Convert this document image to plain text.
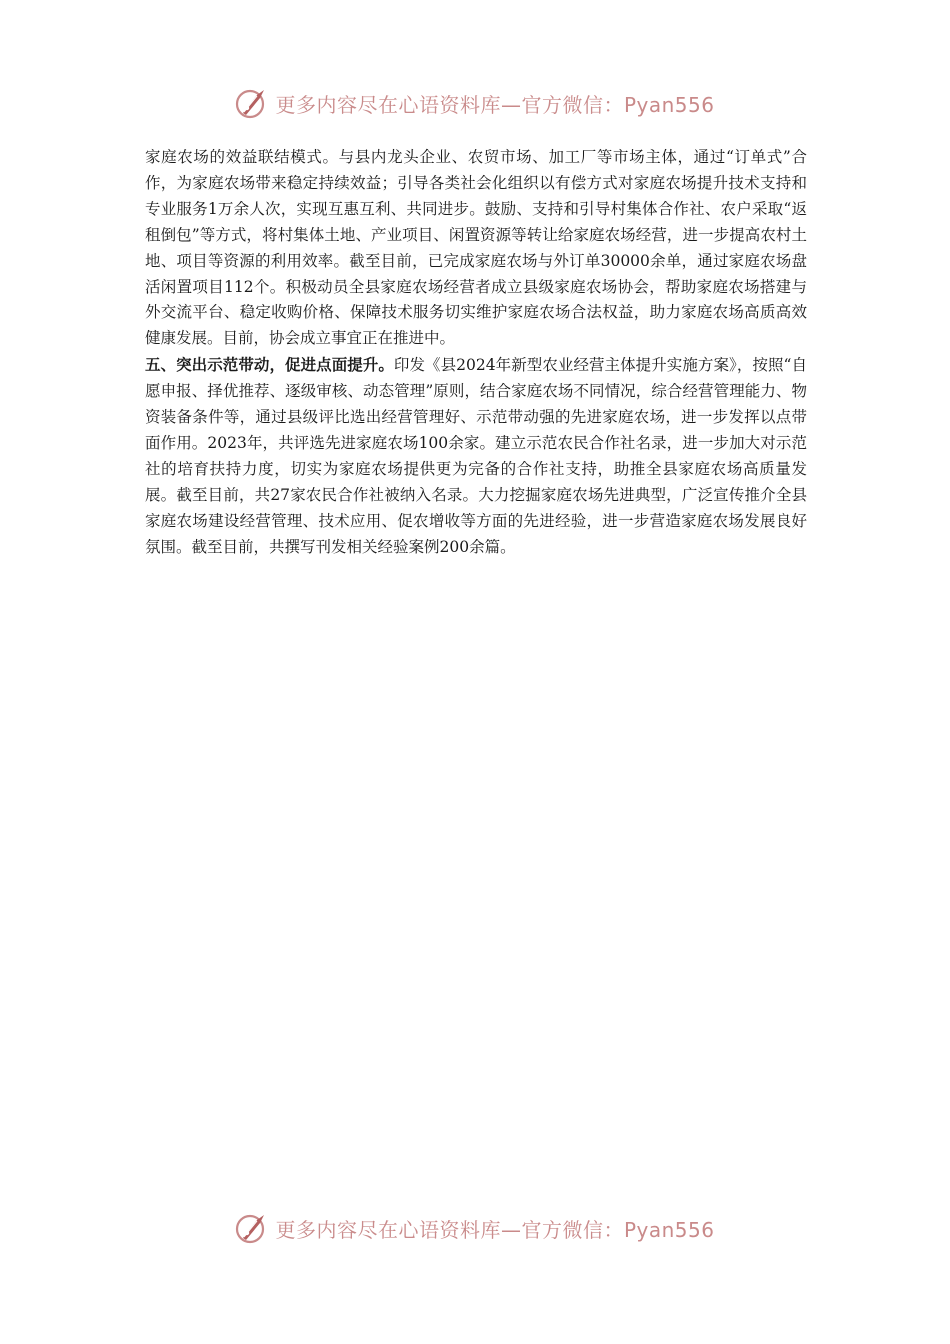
更多内容尽在心语资料库—官方微信：Pyan556

家庭农场的效益联结模式。与县内龙头企业、农贸市场、加工厂等市场主体，通过“订单式”合作，为家庭农场带来稳定持续效益；引导各类社会化组织以有偿方式对家庭农场提升技术支持和专业服务1万余人次，实现互惠互利、共同进步。鼓励、支持和引导村集体合作社、农户采取“返租倒包”等方式，将村集体土地、产业项目、闲置资源等转让给家庭农场经营，进一步提高农村土地、项目等资源的利用效率。截至目前，已完成家庭农场与外订单30000余单，通过家庭农场盘活闲置项目112个。积极动员全县家庭农场经营者成立县级家庭农场协会，帮助家庭农场搭建与外交流平台、稳定收购价格、保障技术服务切实维护家庭农场合法权益，助力家庭农场高质高效健康发展。目前，协会成立事宜正在推进中。

五、突出示范带动，促进点面提升。印发《县2024年新型农业经营主体提升实施方案》，按照“自愿申报、择优推荐、逐级审核、动态管理”原则，结合家庭农场不同情况，综合经营管理能力、物资装备条件等，通过县级评比选出经营管理好、示范带动强的先进家庭农场，进一步发挥以点带面作用。2023年，共评选先进家庭农场100余家。建立示范农民合作社名录，进一步加大对示范社的培育扶持力度，切实为家庭农场提供更为完备的合作社支持，助推全县家庭农场高质量发展。截至目前，共27家农民合作社被纳入名录。大力挖掘家庭农场先进典型，广泛宣传推介全县家庭农场建设经营管理、技术应用、促农增收等方面的先进经验，进一步营造家庭农场发展良好氛围。截至目前，共撰写刊发相关经验案例200余篇。

更多内容尽在心语资料库—官方微信：Pyan556
